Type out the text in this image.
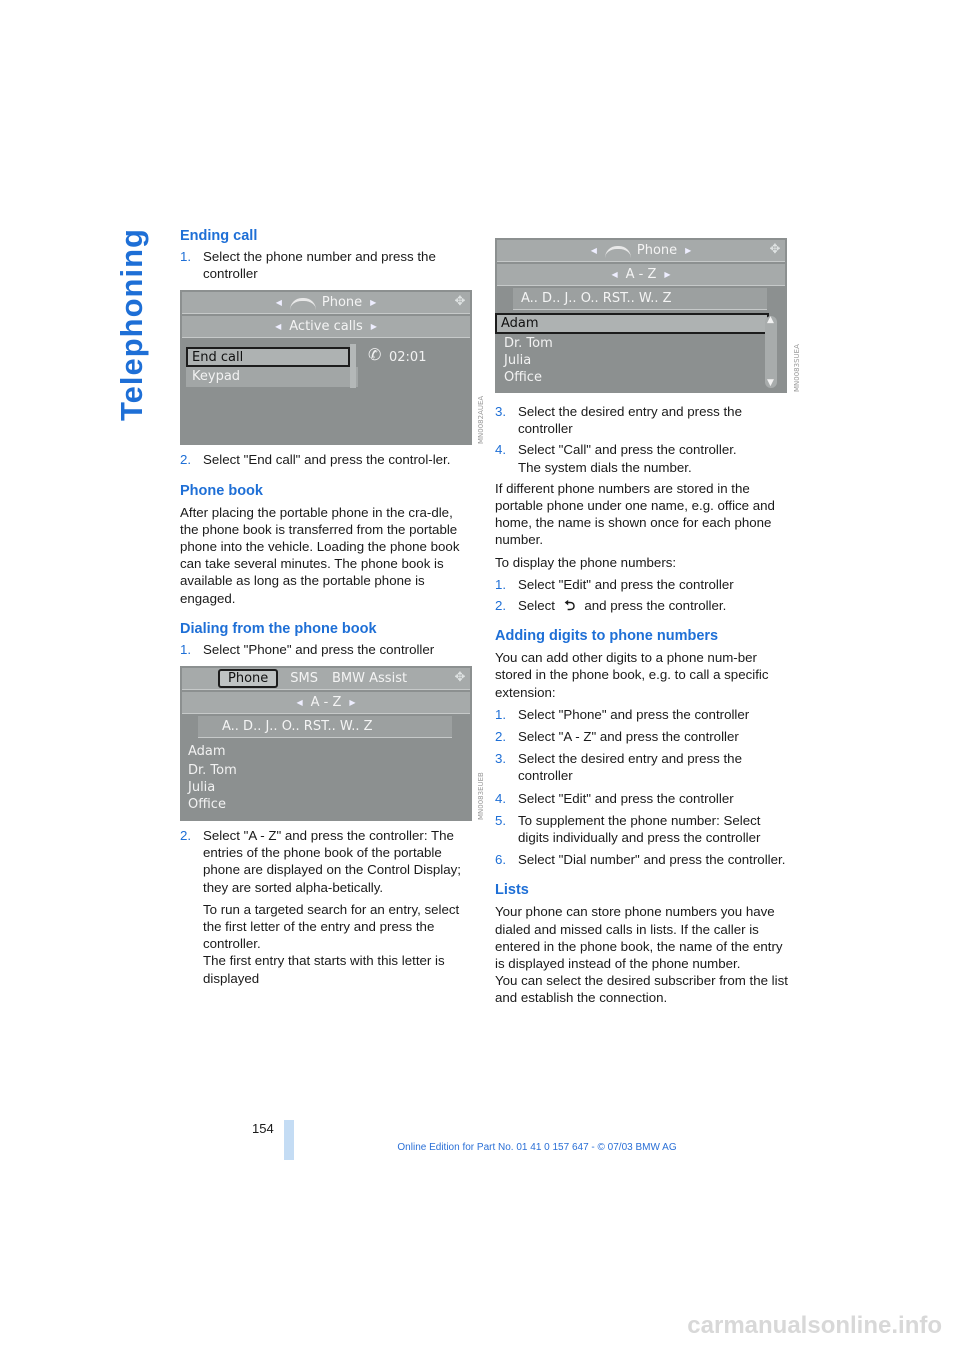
Telephoning Ending call
1. Select the phone number and press the controller
◀	Phone ▶	✥
◀ Active calls ▶
End call
Keypad
✆ 02:01
MN0082AUEA
2. Select "End call" and press the control-ler.
Phone book

After placing the portable phone in the cra-dle, the phone book is transferred from the portable phone into the vehicle. Loading the phone book can take several minutes. The phone book is available as long as the portable phone is engaged.

Dialing from the phone book
1. Select "Phone" and press the controller
Phone	SMS BMW Assist	✥
◀ A - Z ▶
A.. D.. J.. O.. RST.. W.. Z
Adam
Dr. Tom
Julia
Office	MN0083EUEB
2. Select "A - Z" and press the controller: The entries of the phone book of the portable phone are displayed on the Control Display; they are sorted alpha-betically.
To run a targeted search for an entry, select the first letter of the entry and press the controller.
The first entry that starts with this letter is displayed
◀	Phone ▶	✥
◀ A - Z ▶
A.. D.. J.. O.. RST.. W.. Z
Adam
Dr. Tom
Julia
Office
▲
▼	MN0083SUEA
3. Select the desired entry and press the controller
4. Select "Call" and press the controller.
The system dials the number.

If different phone numbers are stored in the portable phone under one name, e.g. office and home, the name is shown once for each phone number.

To display the phone numbers:

1. Select "Edit" and press the controller
2. Select ⮌ and press the controller.
Adding digits to phone numbers

You can add other digits to a phone num-ber stored in the phone book, e.g. to call a specific extension:

1. Select "Phone" and press the controller
2. Select "A - Z" and press the controller
3. Select the desired entry and press the controller
4. Select "Edit" and press the controller
5. To supplement the phone number: Select digits individually and press the controller
6. Select "Dial number" and press the controller.
Lists

Your phone can store phone numbers you have dialed and missed calls in lists. If the caller is entered in the phone book, the name of the entry is displayed instead of the phone number.

You can select the desired subscriber from the list and establish the connection.

154
Online Edition for Part No. 01 41 0 157 647 - © 07/03 BMW AG
carmanualsonline.info
